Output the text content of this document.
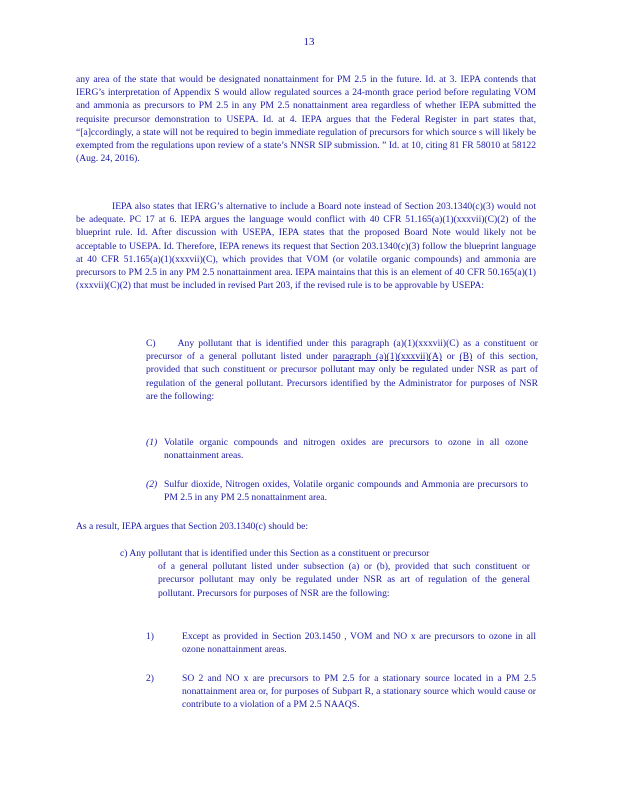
13

any area of the state that would be designated nonattainment for PM 2.5 in the future. Id. at 3. IEPA contends that IERG’s interpretation of Appendix S would allow regulated sources a 24-month grace period before regulating VOM and ammonia as precursors to PM 2.5 in any PM 2.5 nonattainment area regardless of whether IEPA submitted the requisite precursor demonstration to USEPA. Id. at 4. IEPA argues that the Federal Register in part states that, “[a]ccordingly, a state will not be required to begin immediate regulation of precursors for which source s will likely be exempted from the regulations upon review of a state’s NNSR SIP submission. ” Id. at 10, citing 81 FR 58010 at 58122 (Aug. 24, 2016).

IEPA also states that IERG’s alternative to include a Board note instead of Section 203.1340(c)(3) would not be adequate. PC 17 at 6. IEPA argues the language would conflict with 40 CFR 51.165(a)(1)(xxxvii)(C)(2) of the blueprint rule. Id. After discussion with USEPA, IEPA states that the proposed Board Note would likely not be acceptable to USEPA. Id. Therefore, IEPA renews its request that Section 203.1340(c)(3) follow the blueprint language at 40 CFR 51.165(a)(1)(xxxvii)(C), which provides that VOM (or volatile organic compounds) and ammonia are precursors to PM 2.5 in any PM 2.5 nonattainment area. IEPA maintains that this is an element of 40 CFR 50.165(a)(1)(xxxvii)(C)(2) that must be included in revised Part 203, if the revised rule is to be approvable by USEPA:

C) Any pollutant that is identified under this paragraph (a)(1)(xxxvii)(C) as a constituent or precursor of a general pollutant listed under paragraph (a)(1)(xxxvii)(A) or (B) of this section, provided that such constituent or precursor pollutant may only be regulated under NSR as part of regulation of the general pollutant. Precursors identified by the Administrator for purposes of NSR are the following:

(1) Volatile organic compounds and nitrogen oxides are precursors to ozone in all ozone nonattainment areas.
(2) Sulfur dioxide, Nitrogen oxides, Volatile organic compounds and Ammonia are precursors to PM 2.5 in any PM 2.5 nonattainment area.
As a result, IEPA argues that Section 203.1340(c) should be:
c) Any pollutant that is identified under this Section as a constituent or precursor
of a general pollutant listed under subsection (a) or (b), provided that such constituent or precursor pollutant may only be regulated under NSR as art of regulation of the general pollutant. Precursors for purposes of NSR are the following:
1)	Except as provided in Section 203.1450 , VOM and NO x are precursors to ozone in all ozone nonattainment areas.
2)	SO 2 and NO x are precursors to PM 2.5 for a stationary source located in a PM 2.5 nonattainment area or, for purposes of Subpart R, a stationary source which would cause or contribute to a violation of a PM 2.5 NAAQS.
